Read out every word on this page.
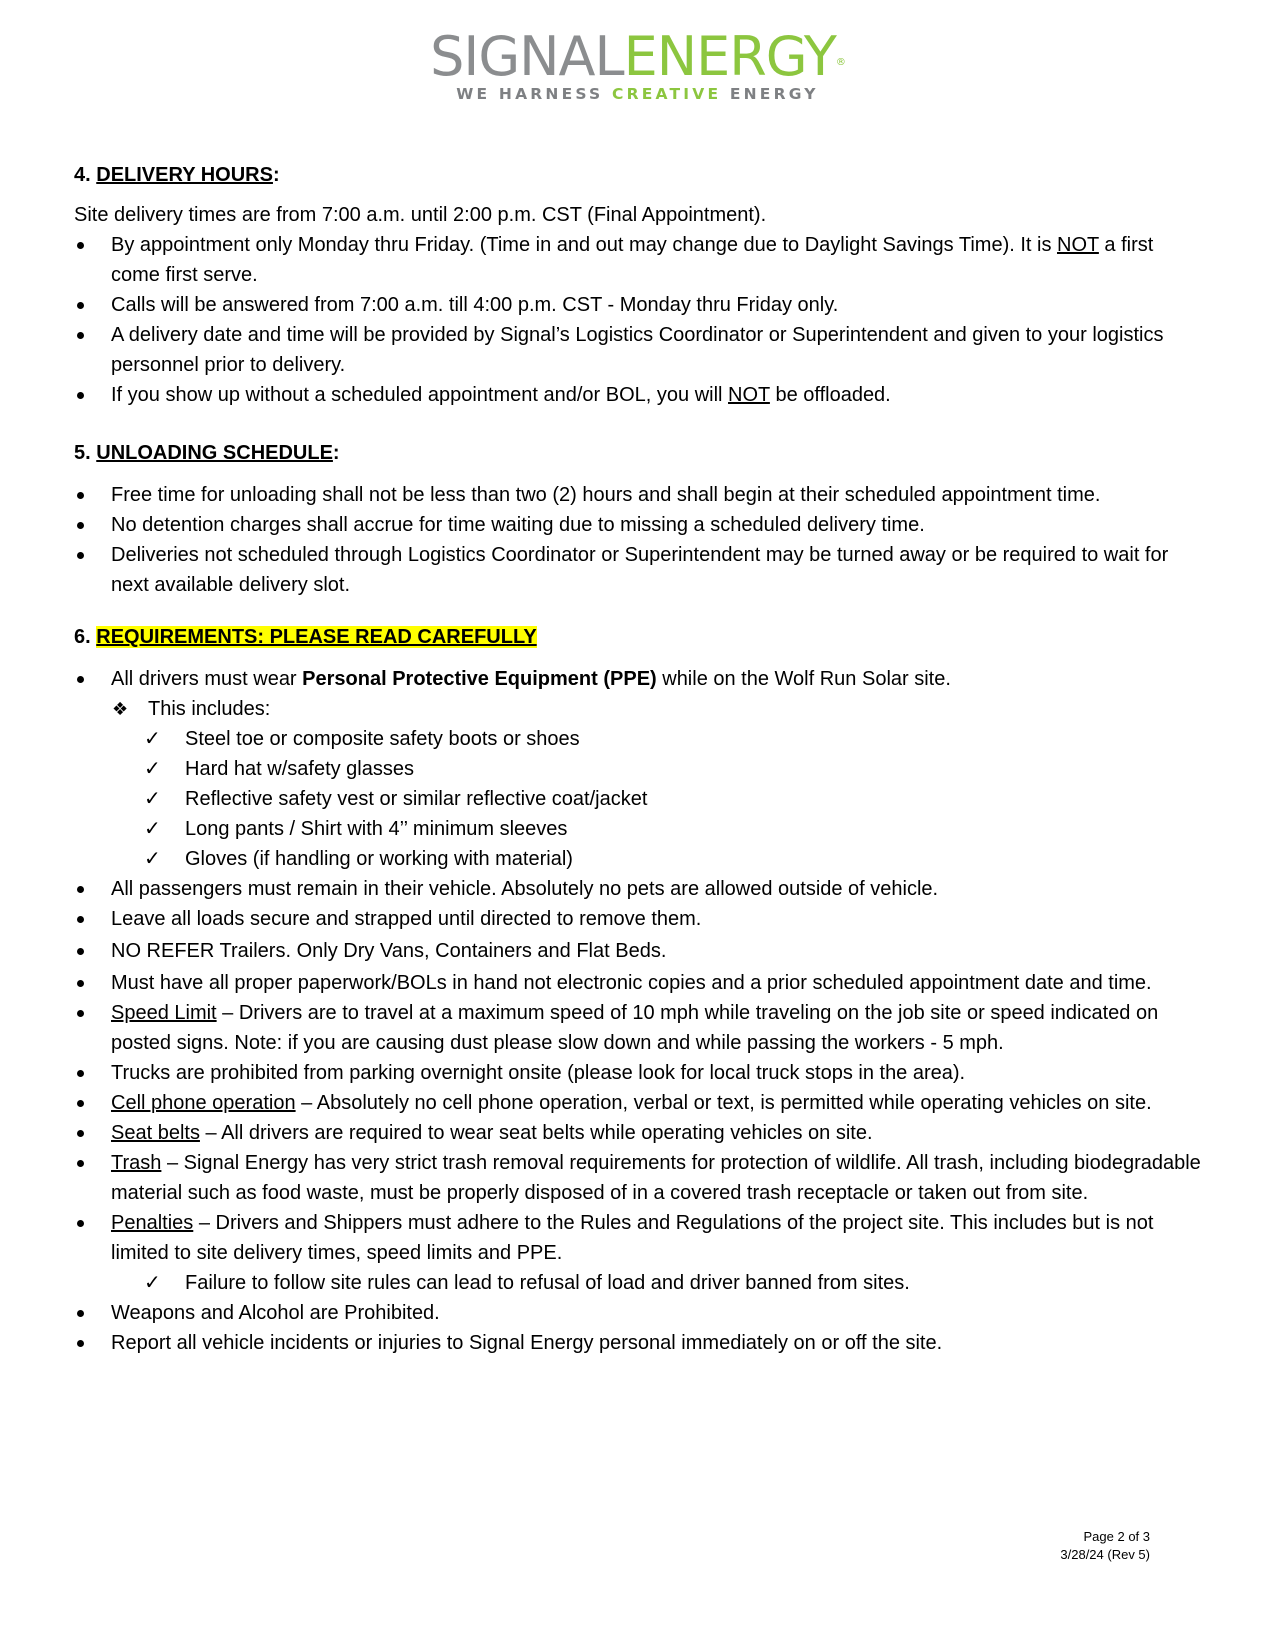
SIGNALENERGY®
WE HARNESS CREATIVE ENERGY
4. DELIVERY HOURS:

Site delivery times are from 7:00 a.m. until 2:00 p.m. CST (Final Appointment).

By appointment only Monday thru Friday. (Time in and out may change due to Daylight Savings Time). It is NOT a first come first serve.
Calls will be answered from 7:00 a.m. till 4:00 p.m. CST - Monday thru Friday only.
A delivery date and time will be provided by Signal’s Logistics Coordinator or Superintendent and given to your logistics personnel prior to delivery.
If you show up without a scheduled appointment and/or BOL, you will NOT be offloaded.
5. UNLOADING SCHEDULE:
Free time for unloading shall not be less than two (2) hours and shall begin at their scheduled appointment time.
No detention charges shall accrue for time waiting due to missing a scheduled delivery time.
Deliveries not scheduled through Logistics Coordinator or Superintendent may be turned away or be required to wait for next available delivery slot.
6. REQUIREMENTS: PLEASE READ CAREFULLY
All drivers must wear Personal Protective Equipment (PPE) while on the Wolf Run Solar site.
❖ This includes:
✓ Steel toe or composite safety boots or shoes
✓ Hard hat w/safety glasses
✓ Reflective safety vest or similar reflective coat/jacket
✓ Long pants / Shirt with 4’’ minimum sleeves
✓ Gloves (if handling or working with material)
All passengers must remain in their vehicle. Absolutely no pets are allowed outside of vehicle.
Leave all loads secure and strapped until directed to remove them.
NO REFER Trailers. Only Dry Vans, Containers and Flat Beds.
Must have all proper paperwork/BOLs in hand not electronic copies and a prior scheduled appointment date and time.
Speed Limit – Drivers are to travel at a maximum speed of 10 mph while traveling on the job site or speed indicated on posted signs. Note: if you are causing dust please slow down and while passing the workers - 5 mph.
Trucks are prohibited from parking overnight onsite (please look for local truck stops in the area).
Cell phone operation – Absolutely no cell phone operation, verbal or text, is permitted while operating vehicles on site.
Seat belts – All drivers are required to wear seat belts while operating vehicles on site.
Trash – Signal Energy has very strict trash removal requirements for protection of wildlife. All trash, including biodegradable material such as food waste, must be properly disposed of in a covered trash receptacle or taken out from site.
Penalties – Drivers and Shippers must adhere to the Rules and Regulations of the project site. This includes but is not limited to site delivery times, speed limits and PPE.
✓ Failure to follow site rules can lead to refusal of load and driver banned from sites.
Weapons and Alcohol are Prohibited.
Report all vehicle incidents or injuries to Signal Energy personal immediately on or off the site.
Page 2 of 3
3/28/24 (Rev 5)
